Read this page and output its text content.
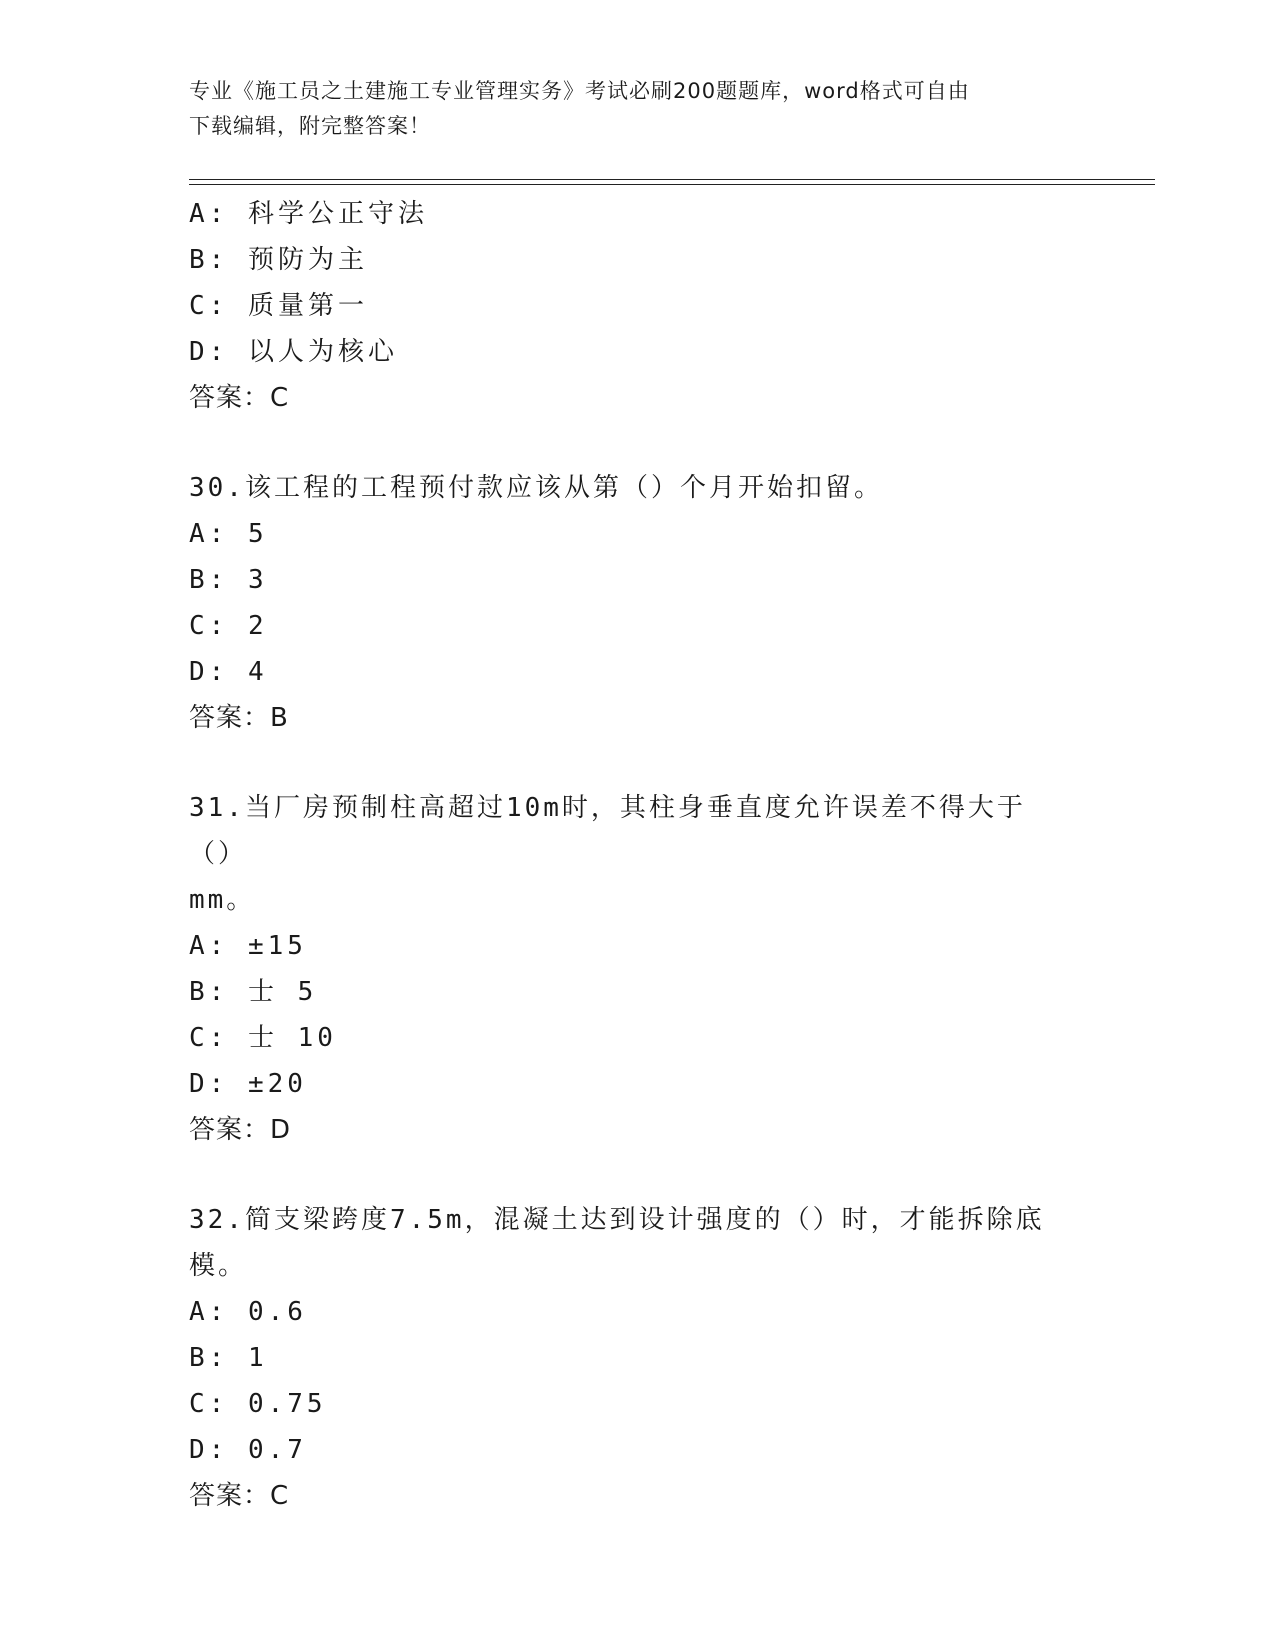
专业《施工员之土建施工专业管理实务》考试必刷200题题库，word格式可自由
下载编辑，附完整答案！
A: 科学公正守法
B: 预防为主
C: 质量第一
D: 以人为核心
答案：C
30.该工程的工程预付款应该从第（）个月开始扣留。
A: 5
B: 3
C: 2
D: 4
答案：B
31.当厂房预制柱高超过10m时，其柱身垂直度允许误差不得大于（）
mm。
A: ±15
B: 士 5
C: 士 10
D: ±20
答案：D
32.简支梁跨度7.5m，混凝土达到设计强度的（）时，才能拆除底模。
A: 0.6
B: 1
C: 0.75
D: 0.7
答案：C
